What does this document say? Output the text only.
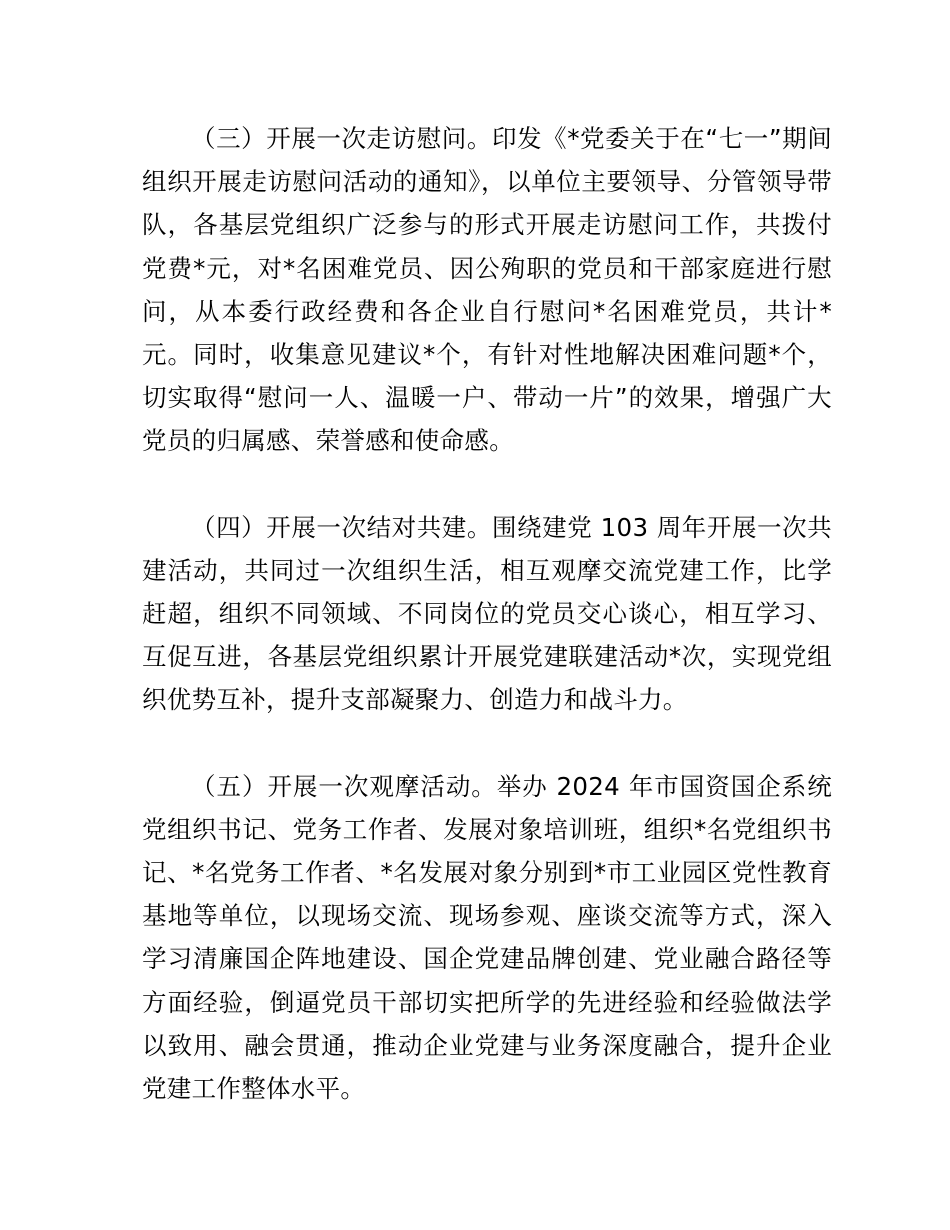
（三）开展一次走访慰问。印发《*党委关于在“七一”期间组织开展走访慰问活动的通知》，以单位主要领导、分管领导带队，各基层党组织广泛参与的形式开展走访慰问工作，共拨付党费*元，对*名困难党员、因公殉职的党员和干部家庭进行慰问，从本委行政经费和各企业自行慰问*名困难党员，共计*元。同时，收集意见建议*个，有针对性地解决困难问题*个，切实取得“慰问一人、温暖一户、带动一片”的效果，增强广大党员的归属感、荣誉感和使命感。

（四）开展一次结对共建。围绕建党 103 周年开展一次共建活动，共同过一次组织生活，相互观摩交流党建工作，比学赶超，组织不同领域、不同岗位的党员交心谈心，相互学习、互促互进，各基层党组织累计开展党建联建活动*次，实现党组织优势互补，提升支部凝聚力、创造力和战斗力。

（五）开展一次观摩活动。举办 2024 年市国资国企系统党组织书记、党务工作者、发展对象培训班，组织*名党组织书记、*名党务工作者、*名发展对象分别到*市工业园区党性教育基地等单位，以现场交流、现场参观、座谈交流等方式，深入学习清廉国企阵地建设、国企党建品牌创建、党业融合路径等方面经验，倒逼党员干部切实把所学的先进经验和经验做法学以致用、融会贯通，推动企业党建与业务深度融合，提升企业党建工作整体水平。
